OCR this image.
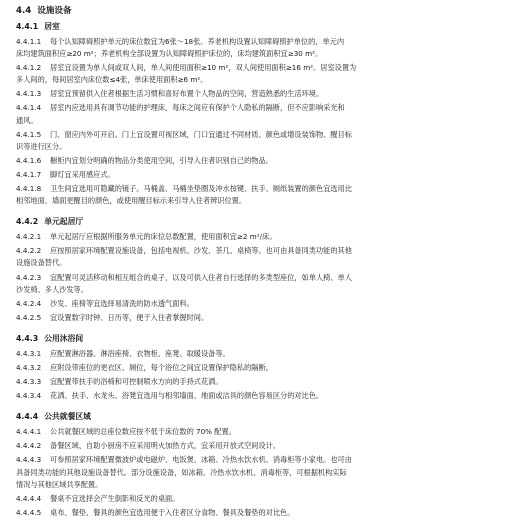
4.4 设施设备
4.4.1 居室
4.4.1.1 每个认知障碍照护单元的床位数宜为6张～18张。养老机构设置认知障碍照护单位的，单元内
床均建筑面积应≥20 m²；养老机构全部设置为认知障碍照护床位的，床均建筑面积宜≥30 m²。
4.4.1.2 居室宜设置为单人间或双人间，单人间使用面积≥10 m²，双人间使用面积≥16 m²。居室设置为
多人间的，每间居室内床位数≤4张，单床使用面积≥6 m²。
4.4.1.3 居室宜预留供入住者根据生活习惯和喜好布置个人物品的空间，营造熟悉的生活环境。
4.4.1.4 居室内应选用具有调节功能的护理床，每床之间应有保护个人隐私的隔断，但不应影响采光和
通风。
4.4.1.5 门、窗应内外可开启。门上宜设置可视区域，门口宜通过不同材质、颜色或增设装饰物、醒目标
识等进行区分。
4.4.1.6 橱柜内宜划分明确的物品分类使用空间，引导入住者识别自己的物品。
4.4.1.7 脚灯宜采用感应式。
4.4.1.8 卫生间宜选用可隐藏的镜子。马桶盖、马桶坐垫圈及冲水按键、扶手、厕纸装置的颜色宜选用比
相邻地面、墙面更醒目的颜色，或使用醒目标示来引导入住者辨识位置。
4.4.2 单元起居厅
4.4.2.1 单元起居厅应根据所服务单元的床位总数配置，使用面积宜≥2 m²/床。
4.4.2.2 应按照居家环境配置设施设备，包括电视机、沙发、茶几、桌椅等。也可由具备同类功能的其他
设施设备替代。
4.4.2.3 宜配置可灵活移动和相互组合的桌子，以及可供入住者自行选择的多类型座位，如单人椅、单人
沙发椅、多人沙发等。
4.4.2.4 沙发、座椅等宜选择易清洗的防水透气面料。
4.4.2.5 宜设置数字时钟、日历等，便于入住者掌握时间。
4.4.3 公用沐浴间
4.4.3.1 应配置淋浴器、淋浴座椅、衣物柜、座凳、取暖设备等。
4.4.3.2 应附设带座位的更衣区、厕位，每个浴位之间宜设置保护隐私的隔断。
4.4.3.3 宜配置带扶手的浴椅和可控制喷水方向的手持式花洒。
4.4.3.4 花洒、扶手、水龙头、浴凳宜选用与相邻墙面、地面或洁具的颜色容易区分的对比色。
4.4.4 公共就餐区域
4.4.4.1 公共就餐区域的总座位数应按不低于床位数的 70% 配置。
4.4.4.2 备餐区域、自助小厨房不应采用明火加热方式，宜采用开放式空间设计。
4.4.4.3 可参照居家环境配置微波炉或电磁炉、电饭煲、冰箱、冷热水饮水机、消毒柜等小家电。也可由
具备同类功能的其他设施设备替代。部分设施设备，如冰箱、冷热水饮水机、消毒柜等，可根据机构实际
情况与其他区域共享配置。
4.4.4.4 餐桌不宜选择会产生倒影和反光的桌面。
4.4.4.5 桌布、餐垫、餐具的颜色宜选用便于入住者区分食物、餐具及餐垫的对比色。
